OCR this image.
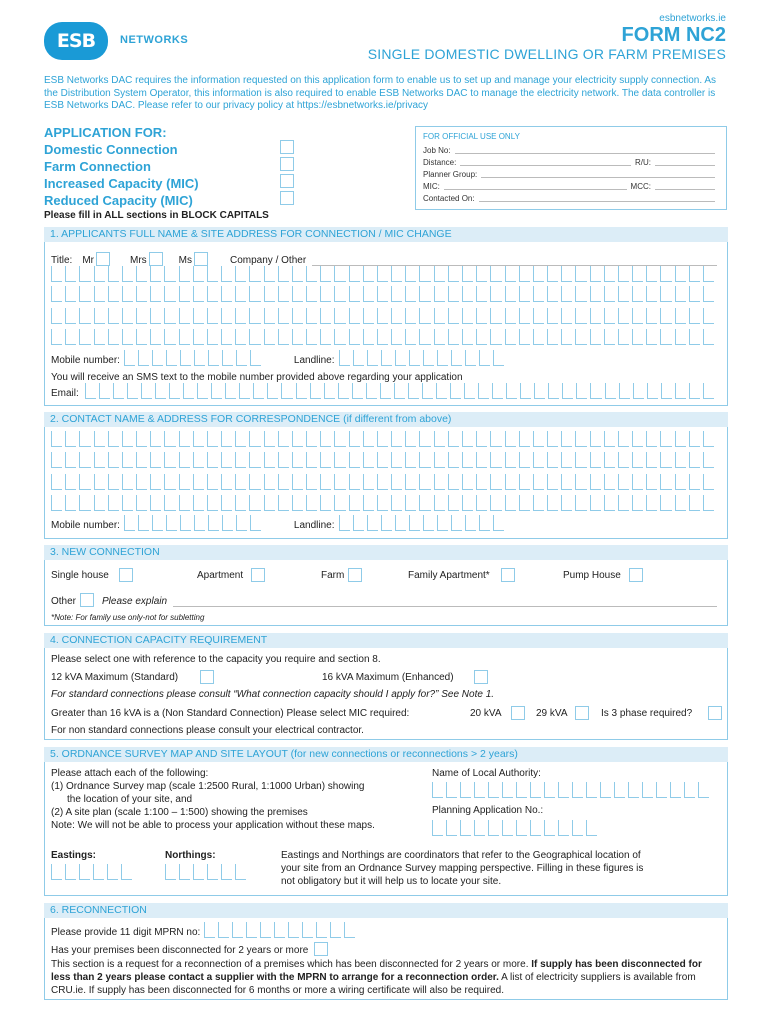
ESB NETWORKS
esbnetworks.ie
FORM NC2
SINGLE DOMESTIC DWELLING OR FARM PREMISES
ESB Networks DAC requires the information requested on this application form to enable us to set up and manage your electricity supply connection. As the Distribution System Operator, this information is also required to enable ESB Networks DAC to manage the electricity network. The data controller is ESB Networks DAC. Please refer to our privacy policy at https://esbnetworks.ie/privacy
APPLICATION FOR:
Domestic Connection
Farm Connection
Increased Capacity (MIC)
Reduced Capacity (MIC)
FOR OFFICIAL USE ONLY
Job No:
Distance:	R/U:
Planner Group:
MIC:	MCC:
Contacted On:
Please fill in ALL sections in BLOCK CAPITALS
1. APPLICANTS FULL NAME & SITE ADDRESS FOR CONNECTION / MIC CHANGE
Title: Mr	Mrs	Ms	Company / Other
Mobile number:	Landline:
You will receive an SMS text to the mobile number provided above regarding your application
Email:
2. CONTACT NAME & ADDRESS FOR CORRESPONDENCE (if different from above)
Mobile number:	Landline:
3. NEW CONNECTION
Single house	Apartment	Farm	Family Apartment*	Pump House
Other	Please explain
*Note: For family use only-not for subletting
4. CONNECTION CAPACITY REQUIREMENT
Please select one with reference to the capacity you require and section 8.
12 kVA Maximum (Standard)	16 kVA Maximum (Enhanced)
For standard connections please consult “What connection capacity should I apply for?” See Note 1.
Greater than 16 kVA is a (Non Standard Connection) Please select MIC required:	20 kVA	29 kVA	Is 3 phase required?
For non standard connections please consult your electrical contractor.
5. ORDNANCE SURVEY MAP AND SITE LAYOUT (for new connections or reconnections > 2 years)
Please attach each of the following:
(1) Ordnance Survey map (scale 1:2500 Rural, 1:1000 Urban) showing
the location of your site, and
(2) A site plan (scale 1:100 – 1:500) showing the premises
Note: We will not be able to process your application without these maps.
Name of Local Authority:
Planning Application No.:
Eastings:	Northings:	Eastings and Northings are coordinators that refer to the Geographical location of
your site from an Ordnance Survey mapping perspective. Filling in these figures is
not obligatory but it will help us to locate your site.
6. RECONNECTION
Please provide 11 digit MPRN no:
Has your premises been disconnected for 2 years or more
This section is a request for a reconnection of a premises which has been disconnected for 2 years or more. If supply has been disconnected for less than 2 years please contact a supplier with the MPRN to arrange for a reconnection order. A list of electricity suppliers is available from CRU.ie. If supply has been disconnected for 6 months or more a wiring certificate will also be required.
